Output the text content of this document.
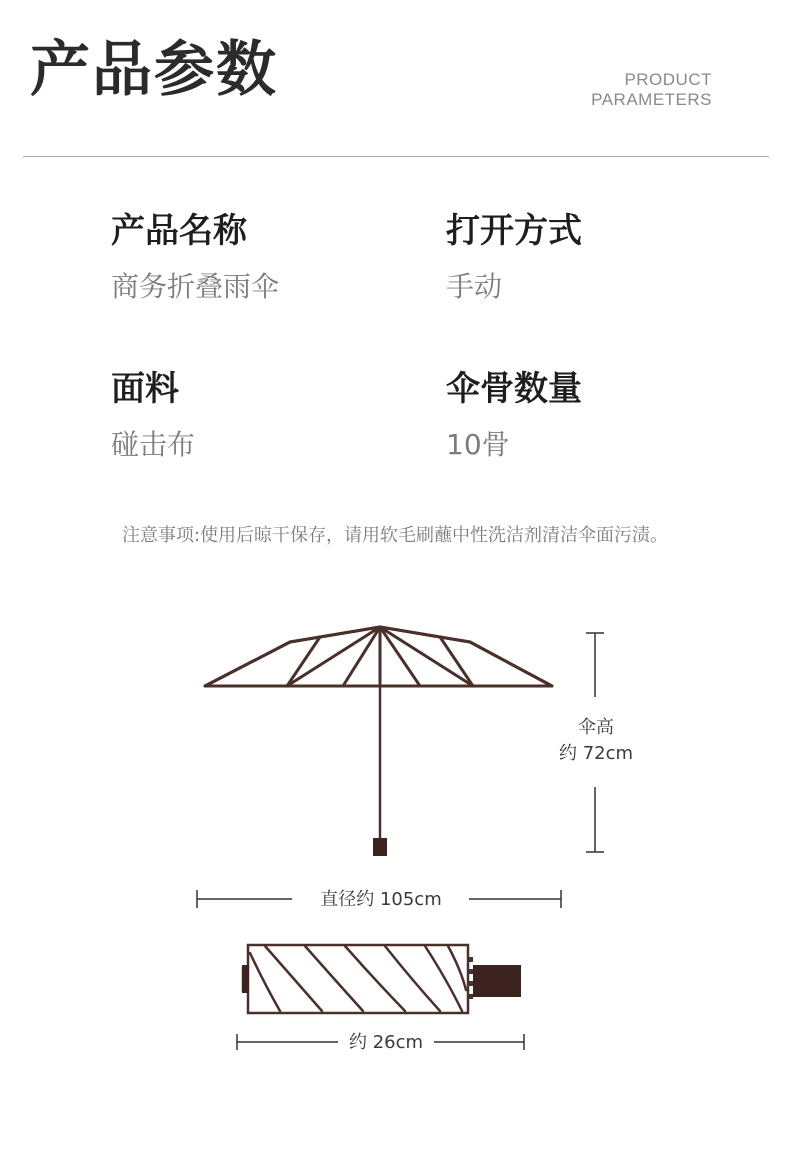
产品参数	PRODUCT
PARAMETERS
产品名称
商务折叠雨伞
打开方式
手动
面料
碰击布
伞骨数量
10骨
注意事项:使用后晾干保存，请用软毛刷蘸中性洗洁剂清洁伞面污渍。
伞高
约 72cm
直径约 105cm
约 26cm
